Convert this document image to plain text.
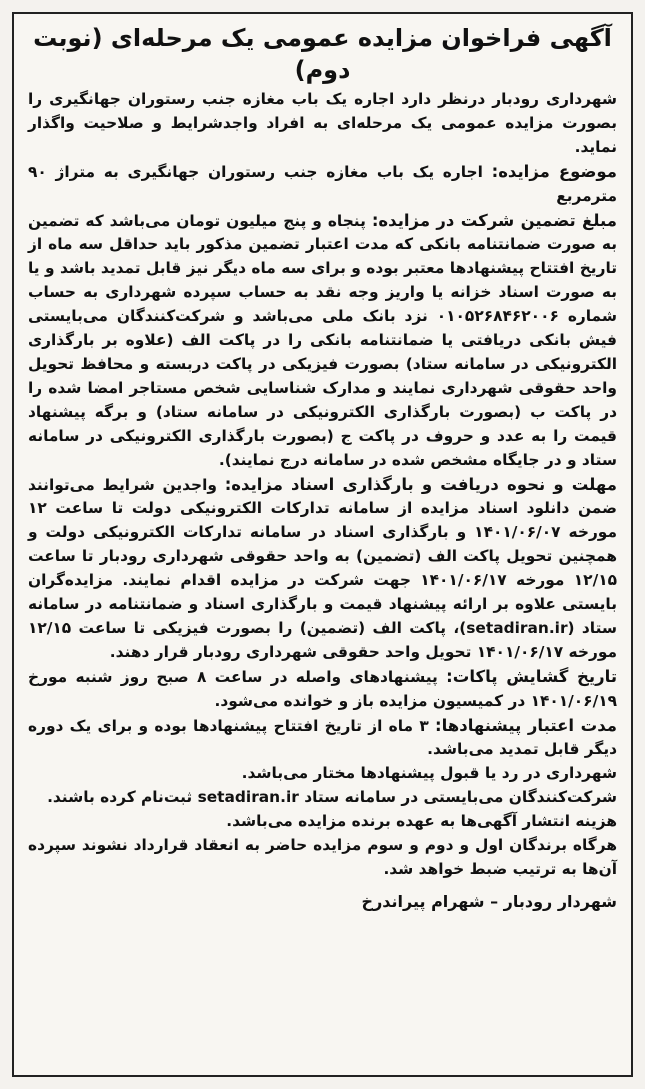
آگهی فراخوان مزایده عمومی یک مرحله‌ای (نوبت دوم)

شهرداری رودبار درنظر دارد اجاره یک باب مغازه جنب رستوران جهانگیری را بصورت مزایده عمومی یک مرحله‌ای به افراد واجدشرایط و صلاحیت واگذار نماید.

موضوع مزایده: اجاره یک باب مغازه جنب رستوران جهانگیری به متراژ ۹۰ مترمربع

مبلغ تضمین شرکت در مزایده: پنجاه و پنج میلیون تومان می‌باشد که تضمین به صورت ضمانتنامه بانکی که مدت اعتبار تضمین مذکور باید حداقل سه ماه از تاریخ افتتاح پیشنهادها معتبر بوده و برای سه ماه دیگر نیز قابل تمدید باشد و یا به صورت اسناد خزانه یا واریز وجه نقد به حساب سپرده شهرداری به حساب شماره ۰۱۰۵۲۶۸۴۶۲۰۰۶ نزد بانک ملی می‌باشد و شرکت‌کنندگان می‌بایستی فیش بانکی دریافتی یا ضمانتنامه بانکی را در پاکت الف (علاوه بر بارگذاری الکترونیکی در سامانه ستاد) بصورت فیزیکی در پاکت دربسته و محافظ تحویل واحد حقوقی شهرداری نمایند و مدارک شناسایی شخص مستاجر امضا شده را در پاکت ب (بصورت بارگذاری الکترونیکی در سامانه ستاد) و برگه پیشنهاد قیمت را به عدد و حروف در پاکت ج (بصورت بارگذاری الکترونیکی در سامانه ستاد و در جایگاه مشخص شده در سامانه درج نمایند).

مهلت و نحوه دریافت و بارگذاری اسناد مزایده: واجدین شرایط می‌توانند ضمن دانلود اسناد مزایده از سامانه تدارکات الکترونیکی دولت تا ساعت ۱۲ مورخه ۱۴۰۱/۰۶/۰۷ و بارگذاری اسناد در سامانه تدارکات الکترونیکی دولت و همچنین تحویل پاکت الف (تضمین) به واحد حقوقی شهرداری رودبار تا ساعت ۱۲/۱۵ مورخه ۱۴۰۱/۰۶/۱۷ جهت شرکت در مزایده اقدام نمایند. مزایده‌گران بایستی علاوه بر ارائه پیشنهاد قیمت و بارگذاری اسناد و ضمانتنامه در سامانه ستاد (setadiran.ir)، پاکت الف (تضمین) را بصورت فیزیکی تا ساعت ۱۲/۱۵ مورخه ۱۴۰۱/۰۶/۱۷ تحویل واحد حقوقی شهرداری رودبار قرار دهند.

تاریخ گشایش پاکات: پیشنهادهای واصله در ساعت ۸ صبح روز شنبه مورخ ۱۴۰۱/۰۶/۱۹ در کمیسیون مزایده باز و خوانده می‌شود.

مدت اعتبار پیشنهادها: ۳ ماه از تاریخ افتتاح پیشنهادها بوده و برای یک دوره دیگر قابل تمدید می‌باشد.

شهرداری در رد یا قبول پیشنهادها مختار می‌باشد.

شرکت‌کنندگان می‌بایستی در سامانه ستاد setadiran.ir ثبت‌نام کرده باشند.

هزینه انتشار آگهی‌ها به عهده برنده مزایده می‌باشد.

هرگاه برندگان اول و دوم و سوم مزایده حاضر به انعقاد قرارداد نشوند سپرده آن‌ها به ترتیب ضبط خواهد شد.

شهردار رودبار – شهرام پیراندرخ
